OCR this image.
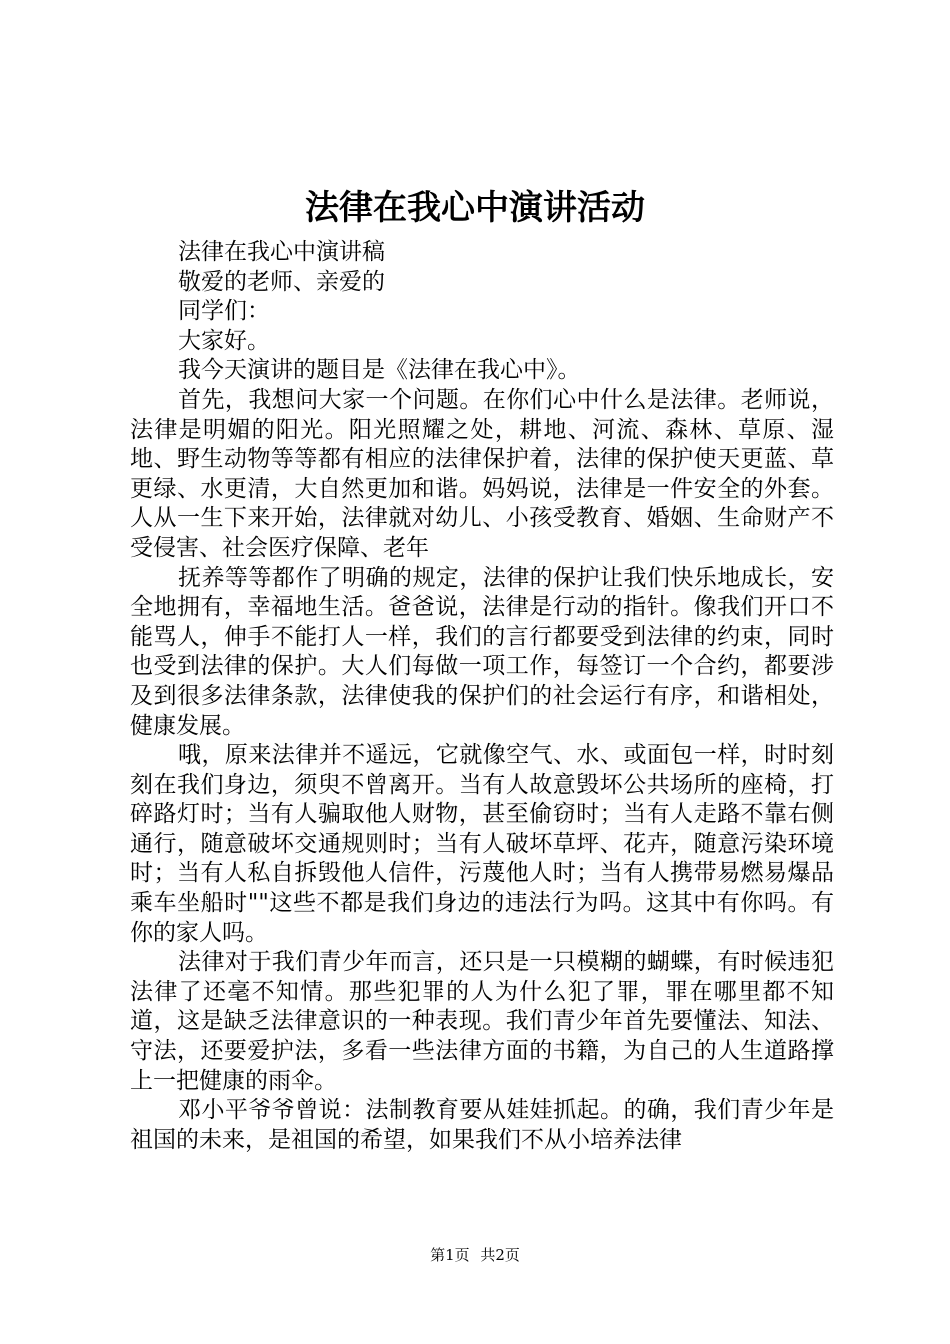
法律在我心中演讲活动

法律在我心中演讲稿

敬爱的老师、亲爱的

同学们：

大家好。

我今天演讲的题目是《法律在我心中》。

首先，我想问大家一个问题。在你们心中什么是法律。老师说，法律是明媚的阳光。阳光照耀之处，耕地、河流、森林、草原、湿地、野生动物等等都有相应的法律保护着，法律的保护使天更蓝、草更绿、水更清，大自然更加和谐。妈妈说，法律是一件安全的外套。人从一生下来开始，法律就对幼儿、小孩受教育、婚姻、生命财产不受侵害、社会医疗保障、老年

抚养等等都作了明确的规定，法律的保护让我们快乐地成长，安全地拥有，幸福地生活。爸爸说，法律是行动的指针。像我们开口不能骂人，伸手不能打人一样，我们的言行都要受到法律的约束，同时也受到法律的保护。大人们每做一项工作，每签订一个合约，都要涉及到很多法律条款，法律使我的保护们的社会运行有序，和谐相处，健康发展。

哦，原来法律并不遥远，它就像空气、水、或面包一样，时时刻刻在我们身边，须臾不曾离开。当有人故意毁坏公共场所的座椅，打碎路灯时；当有人骗取他人财物，甚至偷窃时；当有人走路不靠右侧通行，随意破坏交通规则时；当有人破坏草坪、花卉，随意污染环境时；当有人私自拆毁他人信件，污蔑他人时；当有人携带易燃易爆品乘车坐船时""这些不都是我们身边的违法行为吗。这其中有你吗。有你的家人吗。

法律对于我们青少年而言，还只是一只模糊的蝴蝶，有时候违犯法律了还毫不知情。那些犯罪的人为什么犯了罪，罪在哪里都不知道，这是缺乏法律意识的一种表现。我们青少年首先要懂法、知法、守法，还要爱护法，多看一些法律方面的书籍，为自己的人生道路撑上一把健康的雨伞。

邓小平爷爷曾说：法制教育要从娃娃抓起。的确，我们青少年是祖国的未来，是祖国的希望，如果我们不从小培养法律

第1页 共2页
